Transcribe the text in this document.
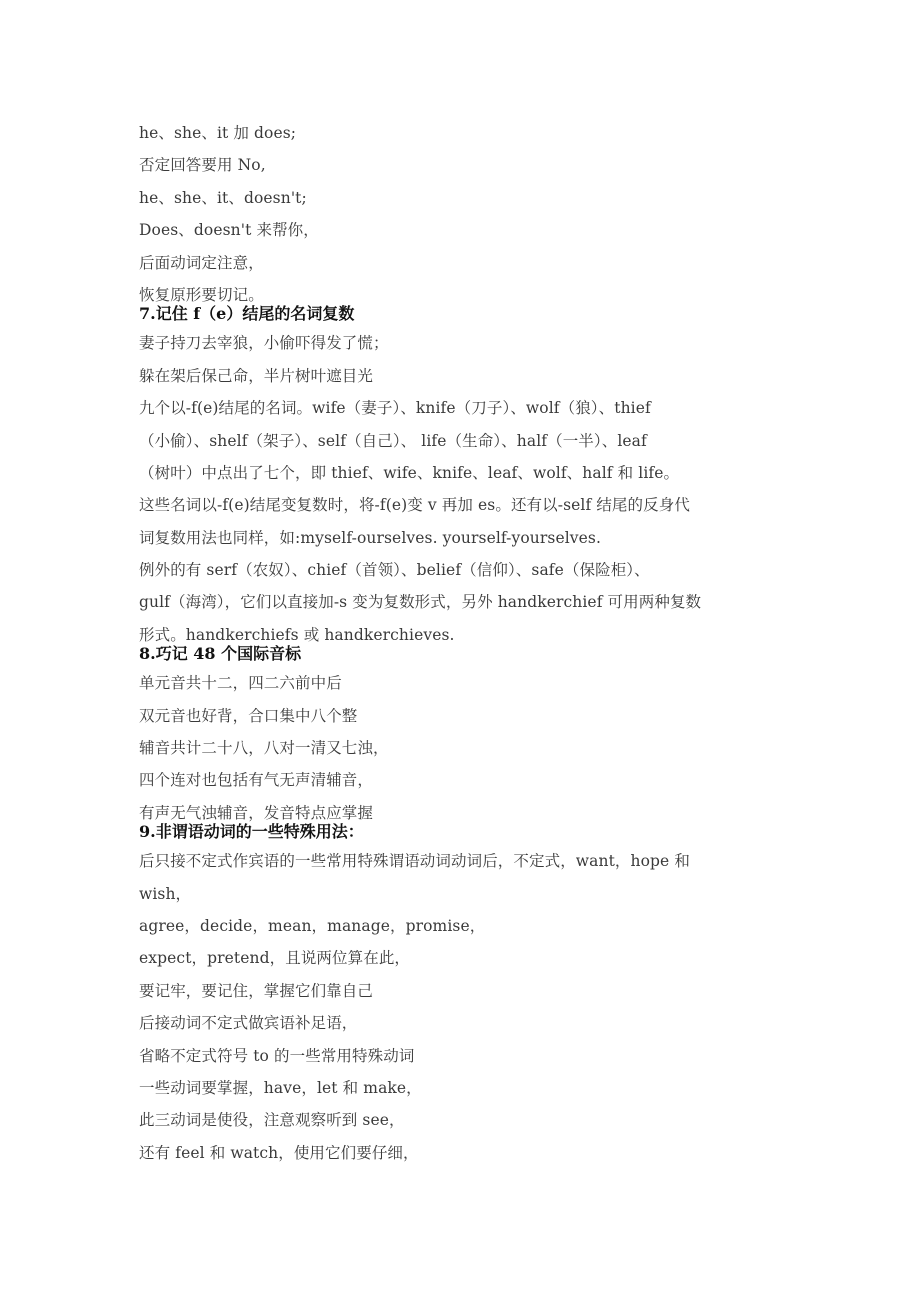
he、she、it 加 does;

否定回答要用 No,

he、she、it、doesn't;

Does、doesn't 来帮你，

后面动词定注意，

恢复原形要切记。

7.记住 f（e）结尾的名词复数

妻子持刀去宰狼，小偷吓得发了慌；

躲在架后保己命，半片树叶遮目光

九个以-f(e)结尾的名词。wife（妻子）、knife（刀子）、wolf（狼）、thief

（小偷）、shelf（架子）、self（自己）、 life（生命）、half（一半）、leaf

（树叶）中点出了七个，即 thief、wife、knife、leaf、wolf、half 和 life。

这些名词以-f(e)结尾变复数时，将-f(e)变 v 再加 es。还有以-self 结尾的反身代

词复数用法也同样，如:myself-ourselves. yourself-yourselves.

例外的有 serf（农奴）、chief（首领）、belief（信仰）、safe（保险柜）、

gulf（海湾），它们以直接加-s 变为复数形式，另外 handkerchief 可用两种复数

形式。handkerchiefs 或 handkerchieves.

8.巧记 48 个国际音标

单元音共十二，四二六前中后

双元音也好背，合口集中八个整

辅音共计二十八，八对一清又七浊，

四个连对也包括有气无声清辅音，

有声无气浊辅音，发音特点应掌握

9.非谓语动词的一些特殊用法：

后只接不定式作宾语的一些常用特殊谓语动词动词后，不定式，want，hope 和

wish，

agree，decide，mean，manage，promise，

expect，pretend，且说两位算在此，

要记牢，要记住，掌握它们靠自己

后接动词不定式做宾语补足语，

省略不定式符号 to 的一些常用特殊动词

一些动词要掌握，have，let 和 make，

此三动词是使役，注意观察听到 see，

还有 feel 和 watch，使用它们要仔细，
